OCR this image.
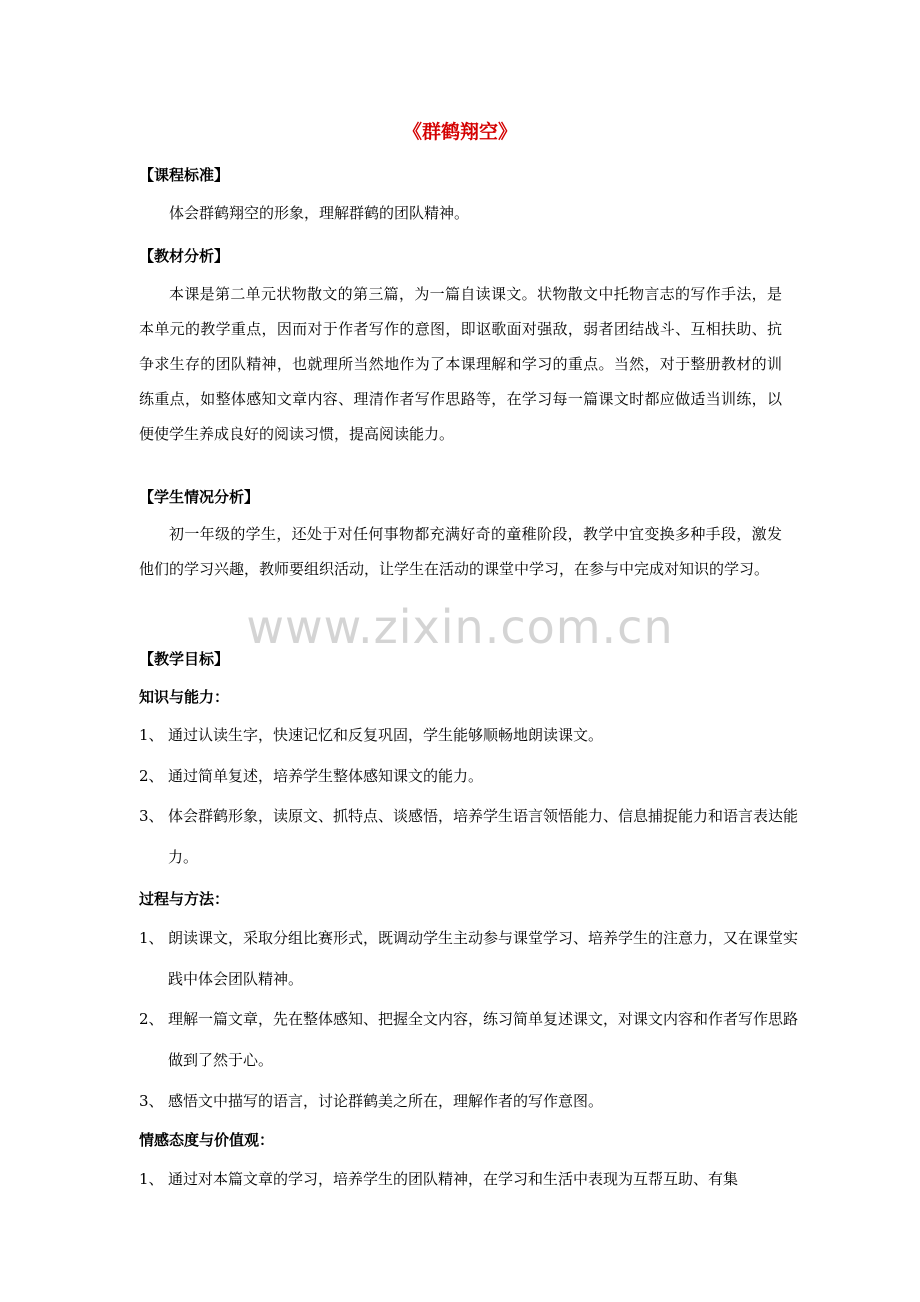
www.zixin.com.cn
《群鹤翔空》
【课程标准】

体会群鹤翔空的形象，理解群鹤的团队精神。

【教材分析】

本课是第二单元状物散文的第三篇，为一篇自读课文。状物散文中托物言志的写作手法，是本单元的教学重点，因而对于作者写作的意图，即讴歌面对强敌，弱者团结战斗、互相扶助、抗争求生存的团队精神，也就理所当然地作为了本课理解和学习的重点。当然，对于整册教材的训练重点，如整体感知文章内容、理清作者写作思路等，在学习每一篇课文时都应做适当训练，以便使学生养成良好的阅读习惯，提高阅读能力。

【学生情况分析】

初一年级的学生，还处于对任何事物都充满好奇的童稚阶段，教学中宜变换多种手段，激发他们的学习兴趣，教师要组织活动，让学生在活动的课堂中学习，在参与中完成对知识的学习。

【教学目标】
知识与能力：
1、 通过认读生字，快速记忆和反复巩固，学生能够顺畅地朗读课文。
2、 通过简单复述，培养学生整体感知课文的能力。
3、 体会群鹤形象，读原文、抓特点、谈感悟，培养学生语言领悟能力、信息捕捉能力和语言表达能力。
过程与方法：
1、 朗读课文，采取分组比赛形式，既调动学生主动参与课堂学习、培养学生的注意力，又在课堂实践中体会团队精神。
2、 理解一篇文章，先在整体感知、把握全文内容，练习简单复述课文，对课文内容和作者写作思路做到了然于心。
3、 感悟文中描写的语言，讨论群鹤美之所在，理解作者的写作意图。
情感态度与价值观：
1、 通过对本篇文章的学习，培养学生的团队精神，在学习和生活中表现为互帮互助、有集
